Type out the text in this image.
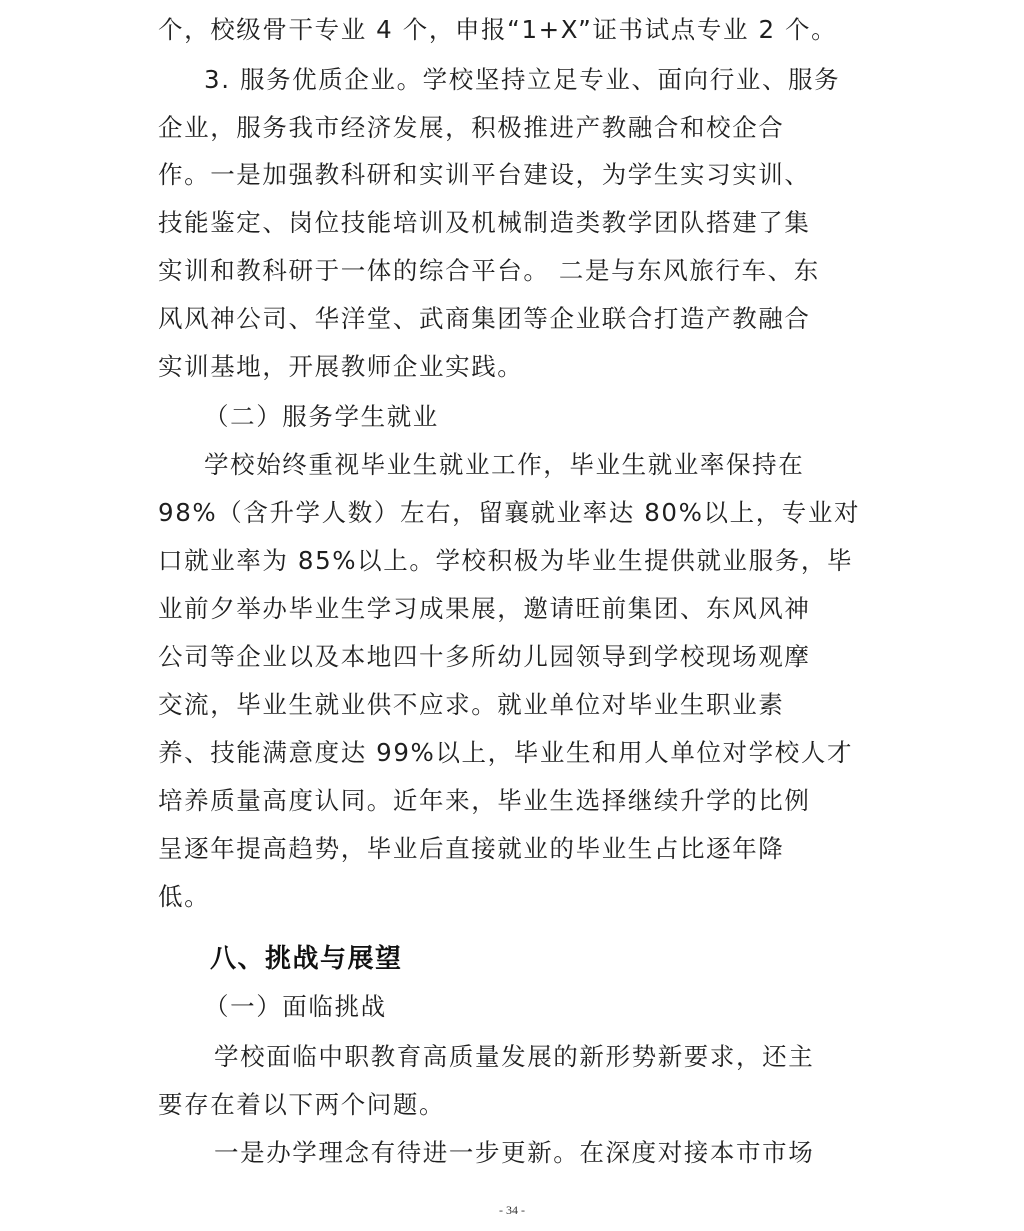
个，校级骨干专业 4 个，申报“1+X”证书试点专业 2 个。
3. 服务优质企业。学校坚持立足专业、面向行业、服务
企业，服务我市经济发展，积极推进产教融合和校企合
作。一是加强教科研和实训平台建设，为学生实习实训、
技能鉴定、岗位技能培训及机械制造类教学团队搭建了集
实训和教科研于一体的综合平台。 二是与东风旅行车、东
风风神公司、华洋堂、武商集团等企业联合打造产教融合
实训基地，开展教师企业实践。
（二）服务学生就业
学校始终重视毕业生就业工作，毕业生就业率保持在
98%（含升学人数）左右，留襄就业率达 80%以上，专业对
口就业率为 85%以上。学校积极为毕业生提供就业服务，毕
业前夕举办毕业生学习成果展，邀请旺前集团、东风风神
公司等企业以及本地四十多所幼儿园领导到学校现场观摩
交流，毕业生就业供不应求。就业单位对毕业生职业素
养、技能满意度达 99%以上，毕业生和用人单位对学校人才
培养质量高度认同。近年来，毕业生选择继续升学的比例
呈逐年提高趋势，毕业后直接就业的毕业生占比逐年降
低。
八、挑战与展望
（一）面临挑战
学校面临中职教育高质量发展的新形势新要求，还主
要存在着以下两个问题。
一是办学理念有待进一步更新。在深度对接本市市场
- 34 -
